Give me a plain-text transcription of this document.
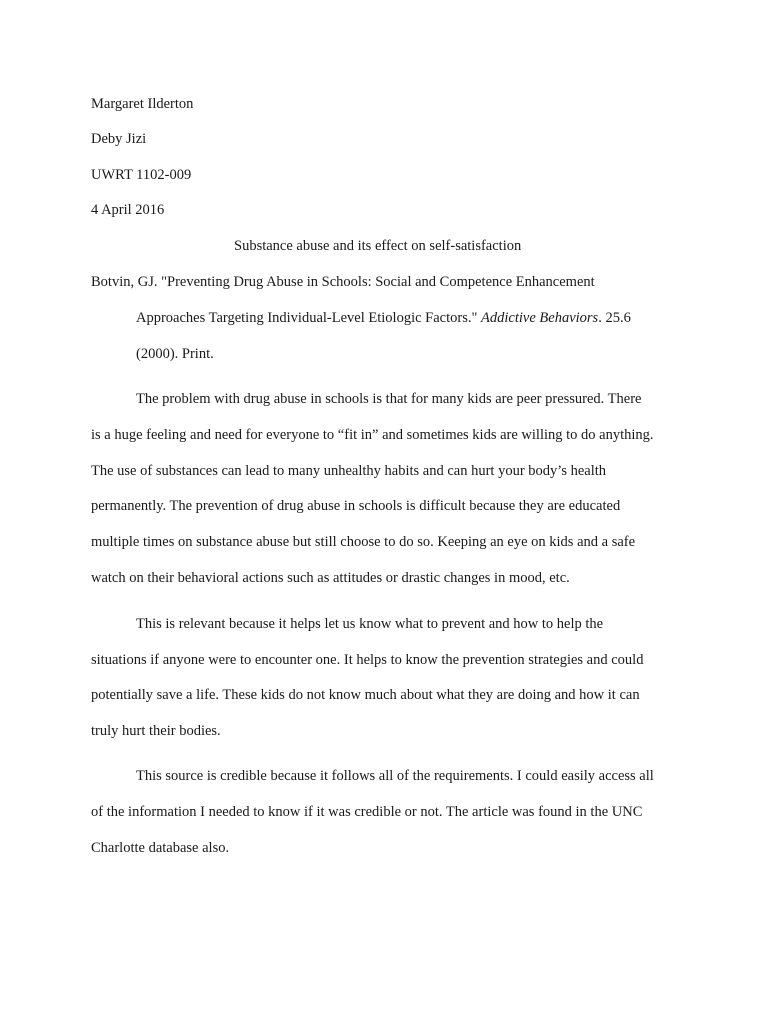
Margaret Ilderton
Deby Jizi
UWRT 1102-009
4 April 2016
Substance abuse and its effect on self-satisfaction
Botvin, GJ. "Preventing Drug Abuse in Schools: Social and Competence Enhancement
Approaches Targeting Individual-Level Etiologic Factors." Addictive Behaviors. 25.6
(2000). Print.
The problem with drug abuse in schools is that for many kids are peer pressured. There
is a huge feeling and need for everyone to “fit in” and sometimes kids are willing to do anything.
The use of substances can lead to many unhealthy habits and can hurt your body’s health
permanently. The prevention of drug abuse in schools is difficult because they are educated
multiple times on substance abuse but still choose to do so. Keeping an eye on kids and a safe
watch on their behavioral actions such as attitudes or drastic changes in mood, etc.
This is relevant because it helps let us know what to prevent and how to help the
situations if anyone were to encounter one. It helps to know the prevention strategies and could
potentially save a life. These kids do not know much about what they are doing and how it can
truly hurt their bodies.
This source is credible because it follows all of the requirements. I could easily access all
of the information I needed to know if it was credible or not. The article was found in the UNC
Charlotte database also.
